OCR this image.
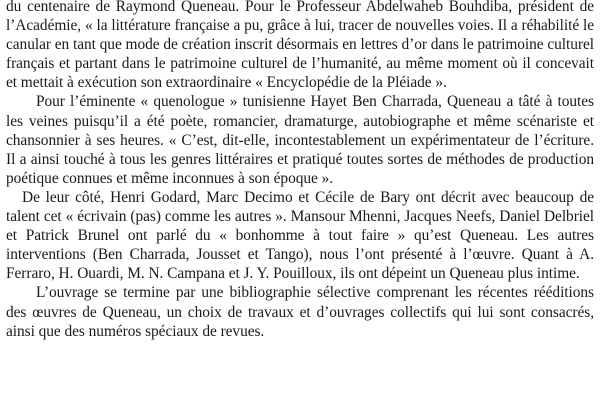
du centenaire de Raymond Queneau. Pour le Professeur Abdelwaheb Bouhdiba, président de l’Académie, « la littérature française a pu, grâce à lui, tracer de nouvelles voies. Il a réhabilité le canular en tant que mode de création inscrit désormais en lettres d’or dans le patrimoine culturel français et partant dans le patrimoine culturel de l’humanité, au même moment où il concevait et mettait à exécution son extraordinaire « Encyclopédie de la Pléiade ».

Pour l’éminente « quenologue » tunisienne Hayet Ben Charrada, Queneau a tâté à toutes les veines puisqu’il a été poète, romancier, dramaturge, autobiographe et même scénariste et chansonnier à ses heures. « C’est, dit-elle, incontestablement un expérimentateur de l’écriture. Il a ainsi touché à tous les genres littéraires et pratiqué toutes sortes de méthodes de production poétique connues et même inconnues à son époque ».

De leur côté, Henri Godard, Marc Decimo et Cécile de Bary ont décrit avec beaucoup de talent cet « écrivain (pas) comme les autres ». Mansour Mhenni, Jacques Neefs, Daniel Delbriel et Patrick Brunel ont parlé du « bonhomme à tout faire » qu’est Queneau. Les autres interventions (Ben Charrada, Jousset et Tango), nous l’ont présenté à l’œuvre. Quant à A. Ferraro, H. Ouardi, M. N. Campana et J. Y. Pouilloux, ils ont dépeint un Queneau plus intime.

L’ouvrage se termine par une bibliographie sélective comprenant les récentes rééditions des œuvres de Queneau, un choix de travaux et d’ouvrages collectifs qui lui sont consacrés, ainsi que des numéros spéciaux de revues.
